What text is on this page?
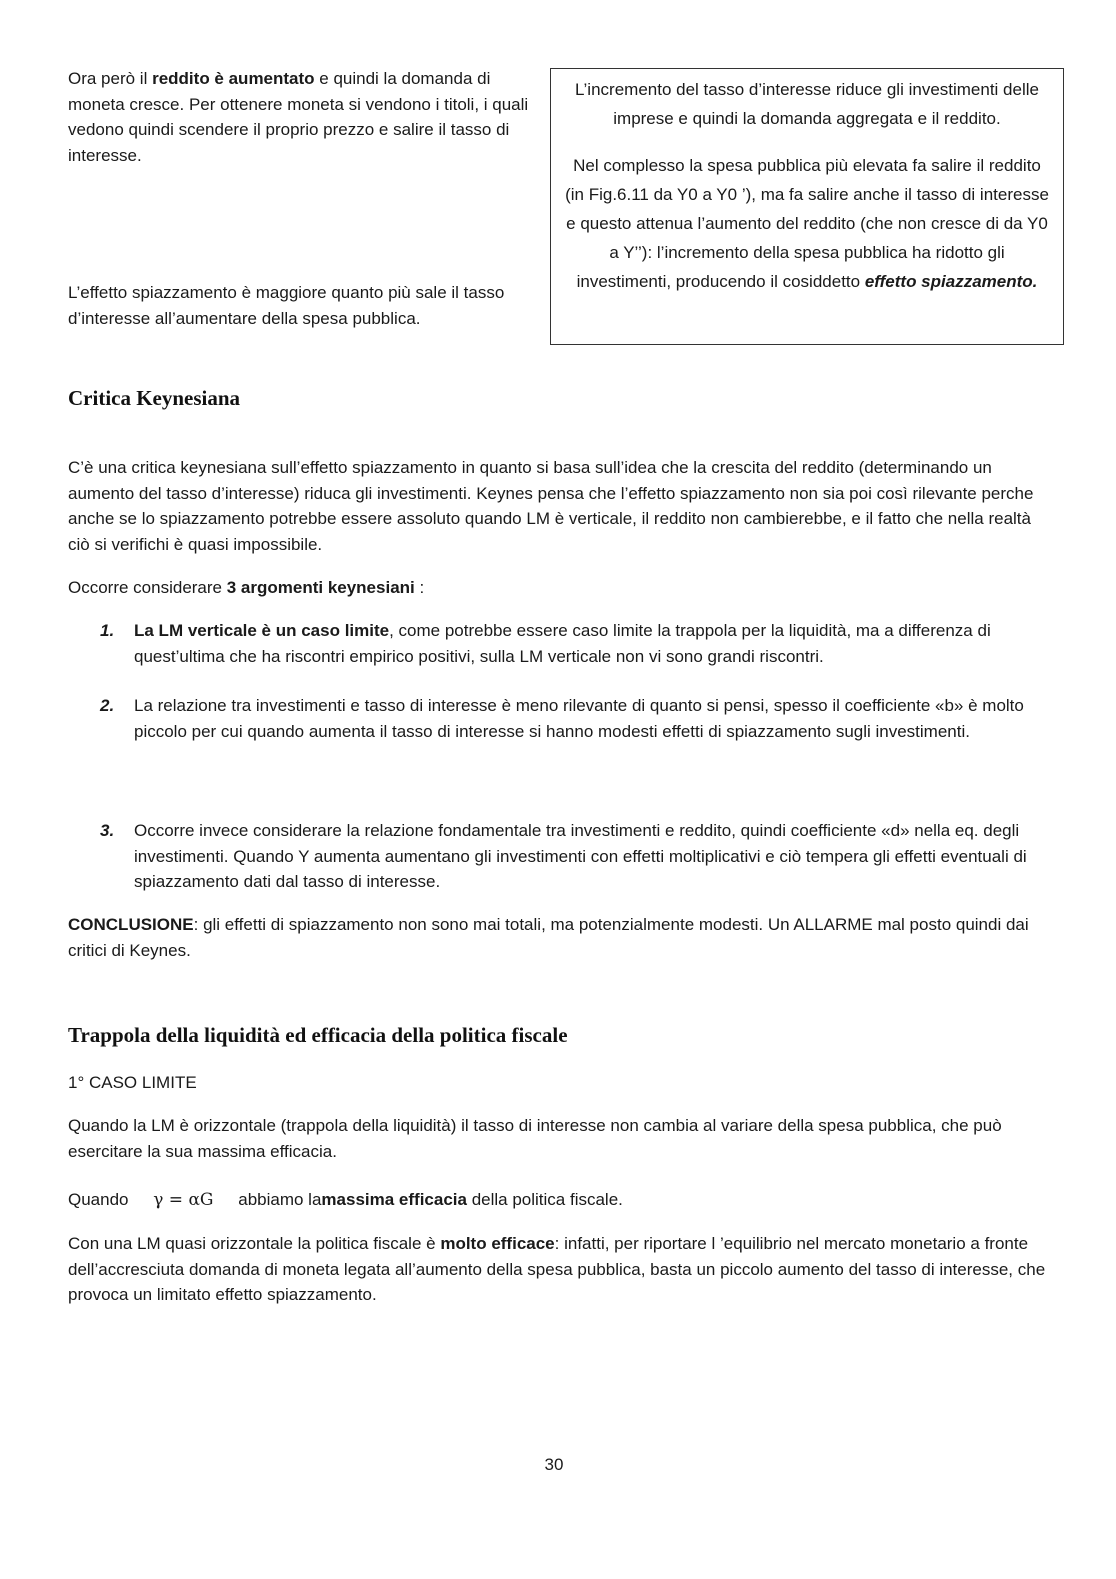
Ora però il reddito è aumentato e quindi la domanda di moneta cresce. Per ottenere moneta si vendono i titoli, i quali vedono quindi scendere il proprio prezzo e salire il tasso di interesse.

L’effetto spiazzamento è maggiore quanto più sale il tasso d’interesse all’aumentare della spesa pubblica.

L’incremento del tasso d’interesse riduce gli investimenti delle imprese e quindi la domanda aggregata e il reddito.

Nel complesso la spesa pubblica più elevata fa salire il reddito (in Fig.6.11 da Y0 a Y0 ’), ma fa salire anche il tasso di interesse e questo attenua l’aumento del reddito (che non cresce di da Y0 a Y’’): l’incremento della spesa pubblica ha ridotto gli investimenti, producendo il cosiddetto effetto spiazzamento.

Critica Keynesiana

C’è una critica keynesiana sull’effetto spiazzamento in quanto si basa sull’idea che la crescita del reddito (determinando un aumento del tasso d’interesse) riduca gli investimenti. Keynes pensa che l’effetto spiazzamento non sia poi così rilevante perche anche se lo spiazzamento potrebbe essere assoluto quando LM è verticale, il reddito non cambierebbe, e il fatto che nella realtà ciò si verifichi è quasi impossibile.

Occorre considerare 3 argomenti keynesiani :

1.	La LM verticale è un caso limite, come potrebbe essere caso limite la trappola per la liquidità, ma a differenza di quest’ultima che ha riscontri empirico positivi, sulla LM verticale non vi sono grandi riscontri.
2.	La relazione tra investimenti e tasso di interesse è meno rilevante di quanto si pensi, spesso il coefficiente «b» è molto piccolo per cui quando aumenta il tasso di interesse si hanno modesti effetti di spiazzamento sugli investimenti.
3.	Occorre invece considerare la relazione fondamentale tra investimenti e reddito, quindi coefficiente «d» nella eq. degli investimenti. Quando Y aumenta aumentano gli investimenti con effetti moltiplicativi e ciò tempera gli effetti eventuali di spiazzamento dati dal tasso di interesse.

CONCLUSIONE: gli effetti di spiazzamento non sono mai totali, ma potenzialmente modesti. Un ALLARME mal posto quindi dai critici di Keynes.

Trappola della liquidità ed efficacia della politica fiscale
1° CASO LIMITE

Quando la LM è orizzontale (trappola della liquidità) il tasso di interesse non cambia al variare della spesa pubblica, che può esercitare la sua massima efficacia.

Quando γ = αG abbiamo lamassima efficacia della politica fiscale.

Con una LM quasi orizzontale la politica fiscale è molto efficace: infatti, per riportare l ’equilibrio nel mercato monetario a fronte dell’accresciuta domanda di moneta legata all’aumento della spesa pubblica, basta un piccolo aumento del tasso di interesse, che provoca un limitato effetto spiazzamento.

30
